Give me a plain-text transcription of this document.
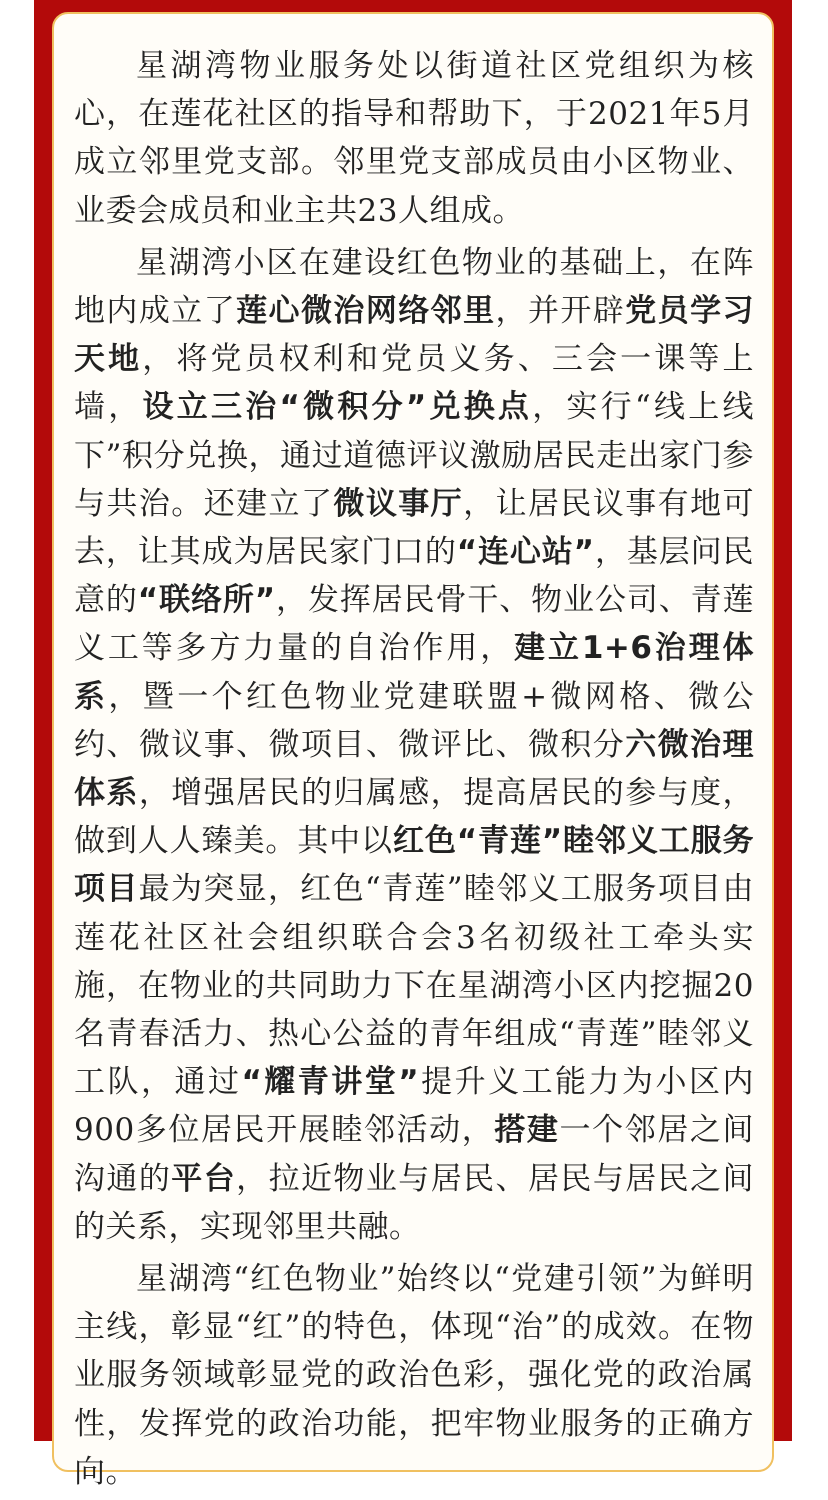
星湖湾物业服务处以街道社区党组织为核心，在莲花社区的指导和帮助下，于2021年5月成立邻里党支部。邻里党支部成员由小区物业、业委会成员和业主共23人组成。

星湖湾小区在建设红色物业的基础上，在阵地内成立了莲心微治网络邻里，并开辟党员学习天地，将党员权利和党员义务、三会一课等上墙，设立三治“微积分”兑换点，实行“线上线下”积分兑换，通过道德评议激励居民走出家门参与共治。还建立了微议事厅，让居民议事有地可去，让其成为居民家门口的“连心站”，基层问民意的“联络所”，发挥居民骨干、物业公司、青莲义工等多方力量的自治作用，建立1+6治理体系，暨一个红色物业党建联盟+微网格、微公约、微议事、微项目、微评比、微积分六微治理体系，增强居民的归属感，提高居民的参与度，做到人人臻美。其中以红色“青莲”睦邻义工服务项目最为突显，红色“青莲”睦邻义工服务项目由莲花社区社会组织联合会3名初级社工牵头实施，在物业的共同助力下在星湖湾小区内挖掘20名青春活力、热心公益的青年组成“青莲”睦邻义工队，通过“耀青讲堂”提升义工能力为小区内900多位居民开展睦邻活动，搭建一个邻居之间沟通的平台，拉近物业与居民、居民与居民之间的关系，实现邻里共融。

星湖湾“红色物业”始终以“党建引领”为鲜明主线，彰显“红”的特色，体现“治”的成效。在物业服务领域彰显党的政治色彩，强化党的政治属性，发挥党的政治功能，把牢物业服务的正确方向。
